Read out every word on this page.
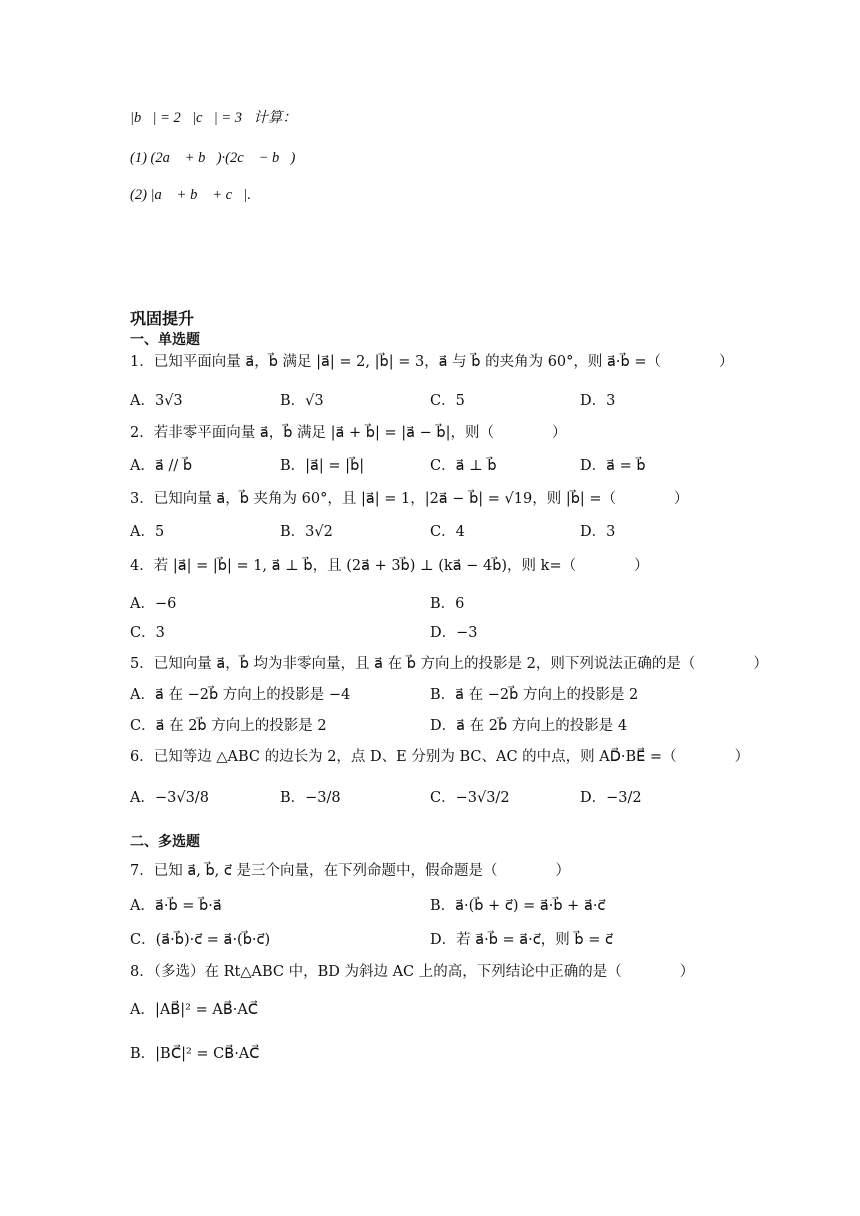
|b⃗| = 2，|c⃗| = 3，计算：
(1) (2a⃗ + b⃗)·(2c⃗ − b⃗)；
(2) |a⃗ + b⃗ + c⃗|.
巩固提升
一、单选题
1．已知平面向量 a⃗，b⃗ 满足 |a⃗| = 2, |b⃗| = 3，a⃗ 与 b⃗ 的夹角为 60°，则 a⃗·b⃗ =（　　　　）
A．3√3	B．√3	C．5	D．3
2．若非零平面向量 a⃗，b⃗ 满足 |a⃗ + b⃗| = |a⃗ − b⃗|，则（　　　　）
A．a⃗ // b⃗	B．|a⃗| = |b⃗|	C．a⃗ ⊥ b⃗	D．a⃗ = b⃗
3．已知向量 a⃗，b⃗ 夹角为 60°，且 |a⃗| = 1，|2a⃗ − b⃗| = √19，则 |b⃗| =（　　　　）
A．5	B．3√2	C．4	D．3
4．若 |a⃗| = |b⃗| = 1, a⃗ ⊥ b⃗，且 (2a⃗ + 3b⃗) ⊥ (ka⃗ − 4b⃗)，则 k=（　　　　）
A．−6	B．6
C．3	D．−3
5．已知向量 a⃗，b⃗ 均为非零向量，且 a⃗ 在 b⃗ 方向上的投影是 2，则下列说法正确的是（　　　　）
A．a⃗ 在 −2b⃗ 方向上的投影是 −4	B．a⃗ 在 −2b⃗ 方向上的投影是 2
C．a⃗ 在 2b⃗ 方向上的投影是 2	D．a⃗ 在 2b⃗ 方向上的投影是 4
6．已知等边 △ABC 的边长为 2，点 D、E 分别为 BC、AC 的中点，则 AD⃗·BE⃗ =（　　　　）
A．−3√3/8	B．−3/8	C．−3√3/2	D．−3/2
二、多选题
7．已知 a⃗, b⃗, c⃗ 是三个向量，在下列命题中，假命题是（　　　　）
A．a⃗·b⃗ = b⃗·a⃗	B．a⃗·(b⃗ + c⃗) = a⃗·b⃗ + a⃗·c⃗
C．(a⃗·b⃗)·c⃗ = a⃗·(b⃗·c⃗)	D．若 a⃗·b⃗ = a⃗·c⃗，则 b⃗ = c⃗
8．（多选）在 Rt△ABC 中，BD 为斜边 AC 上的高，下列结论中正确的是（　　　　）
A．|AB⃗|² = AB⃗·AC⃗
B．|BC⃗|² = CB⃗·AC⃗
